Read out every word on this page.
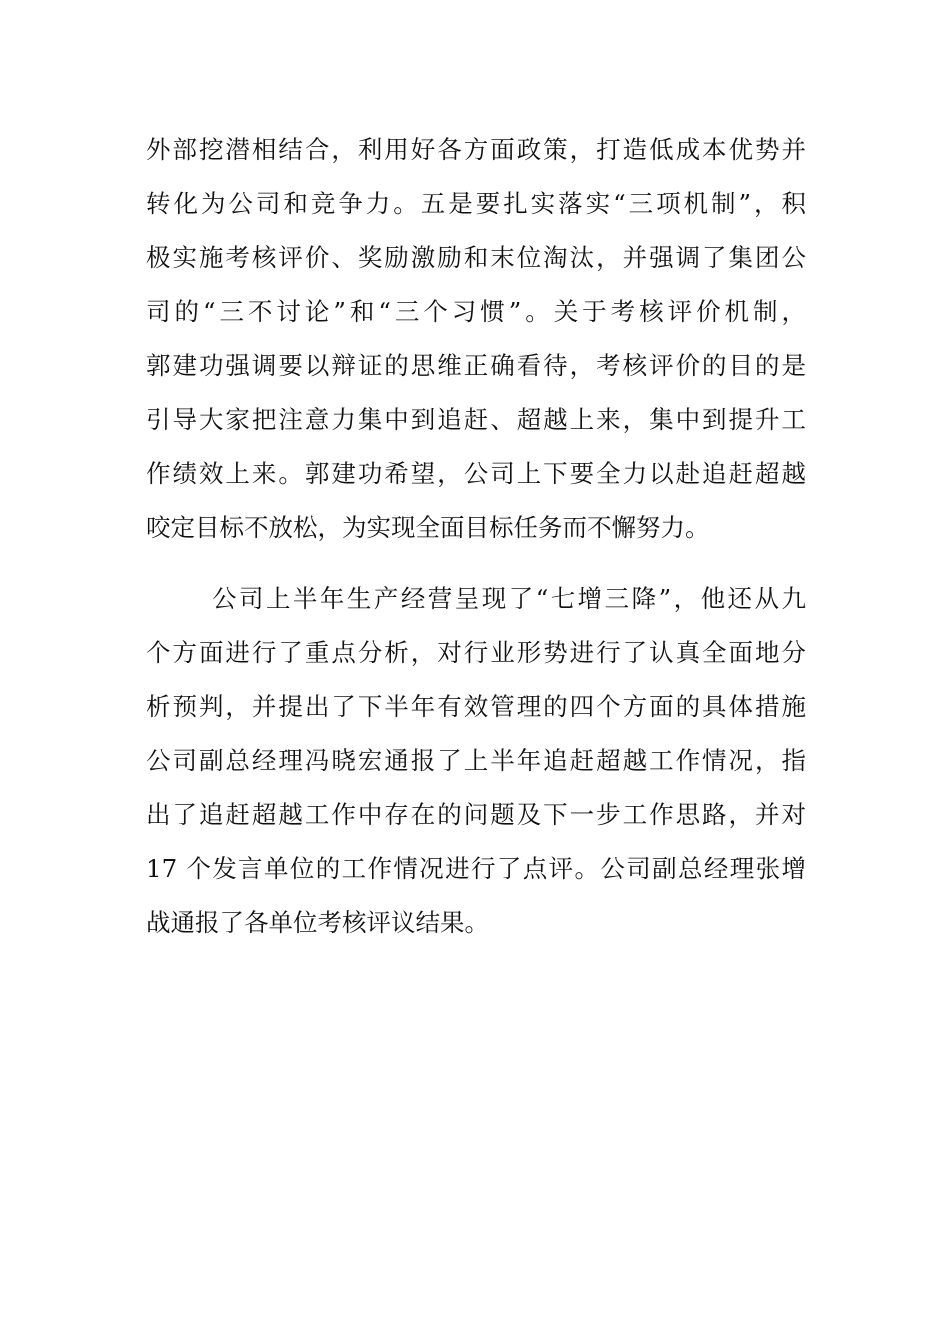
外部挖潜相结合，利用好各方面政策，打造低成本优势并
转化为公司和竞争力。五是要扎实落实“三项机制”，积
极实施考核评价、奖励激励和末位淘汰，并强调了集团公
司的“三不讨论”和“三个习惯”。关于考核评价机制，
郭建功强调要以辩证的思维正确看待，考核评价的目的是
引导大家把注意力集中到追赶、超越上来，集中到提升工
作绩效上来。郭建功希望，公司上下要全力以赴追赶超越
咬定目标不放松，为实现全面目标任务而不懈努力。
公司上半年生产经营呈现了“七增三降”，他还从九
个方面进行了重点分析，对行业形势进行了认真全面地分
析预判，并提出了下半年有效管理的四个方面的具体措施
公司副总经理冯晓宏通报了上半年追赶超越工作情况，指
出了追赶超越工作中存在的问题及下一步工作思路，并对
17 个发言单位的工作情况进行了点评。公司副总经理张增
战通报了各单位考核评议结果。
